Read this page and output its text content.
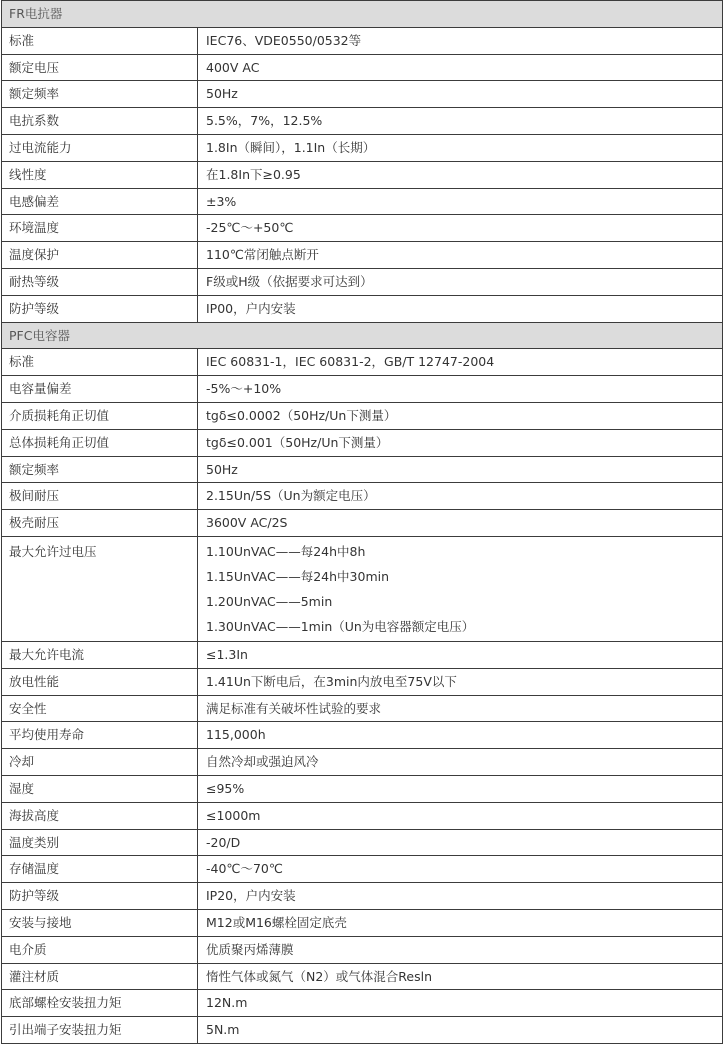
FR电抗器	
标准	IEC76、VDE0550/0532等
额定电压	400V AC
额定频率	50Hz
电抗系数	5.5%，7%，12.5%
过电流能力	1.8In（瞬间），1.1In（长期）
线性度	在1.8In下≥0.95
电感偏差	±3%
环境温度	-25℃～+50℃
温度保护	110℃常闭触点断开
耐热等级	F级或H级（依据要求可达到）
防护等级	IP00，户内安装
PFC电容器	
标准	IEC 60831-1，IEC 60831-2，GB/T 12747-2004
电容量偏差	-5%～+10%
介质损耗角正切值	tgδ≤0.0002（50Hz/Un下测量）
总体损耗角正切值	tgδ≤0.001（50Hz/Un下测量）
额定频率	50Hz
极间耐压	2.15Un/5S（Un为额定电压）
极壳耐压	3600V AC/2S
最大允许过电压	1.10UnVAC——每24h中8h
1.15UnVAC——每24h中30min
1.20UnVAC——5min
1.30UnVAC——1min（Un为电容器额定电压）

最大允许电流	≤1.3In
放电性能	1.41Un下断电后，在3min内放电至75V以下
安全性	满足标准有关破坏性试验的要求
平均使用寿命	115,000h
冷却	自然冷却或强迫风冷
湿度	≤95%
海拔高度	≤1000m
温度类别	-20/D
存储温度	-40℃～70℃
防护等级	IP20，户内安装
安装与接地	M12或M16螺栓固定底壳
电介质	优质聚丙烯薄膜
灌注材质	惰性气体或氮气（N2）或气体混合Resln
底部螺栓安装扭力矩	12N.m
引出端子安装扭力矩	5N.m
